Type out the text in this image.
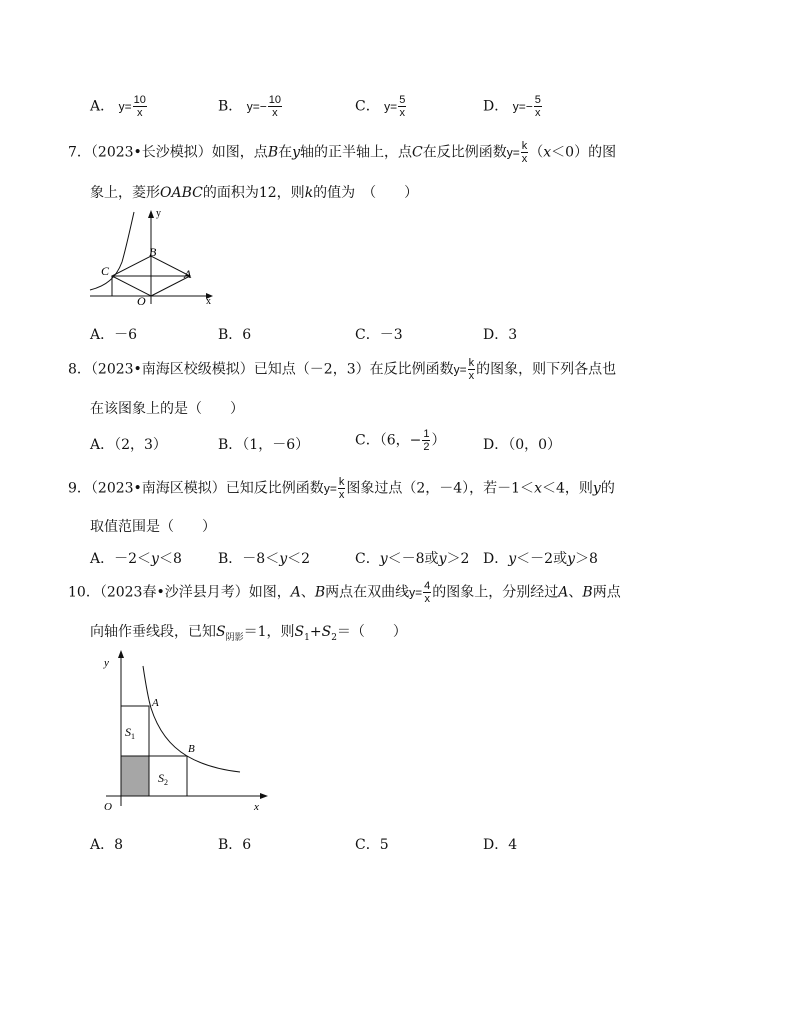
A． $y= \frac{10}{x}$	B． $y=- \frac{10}{x}$	C． $y= \frac{5}{x}$	D． $y=- \frac{5}{x}$
7．（2023•长沙模拟）如图，点B在y轴的正半轴上，点C在反比例函数$y= \frac{k}{x} (x<0)$的图
象上，菱形OABC的面积为12，则k的值为　（　　）
y
x
B
C	A
O
A．－6	B．6	C．－3	D．3
8．（2023•南海区校级模拟）已知点（－2，3）在反比例函数$y= \frac{k}{x}$ 的图象，则下列各点也
在该图象上的是（　　）
A．（2，3）	B．（1，－6）	C．（6，− $\frac{1}{2}$ ）	D．（0，0）
9．（2023•南海区模拟）已知反比例函数$y= \frac{k}{x}$ 图象过点（2，－4），若－1＜x＜4，则y的
取值范围是（　　）
A．－2＜y＜8	B．－8＜y＜2	C．y＜－8或y＞2 D．y＜－2或y＞8
10．（2023春•沙洋县月考）如图，A、B两点在双曲线$y= \frac{4}{x}$ 的图象上，分别经过A、B两点
向轴作垂线段，已知$S_{阴影}=1$，则$S_1+S_2=$（　　）
y
x
A
B
O
$S_1$
$S_2$
A．8	B．6	C．5	D．4
